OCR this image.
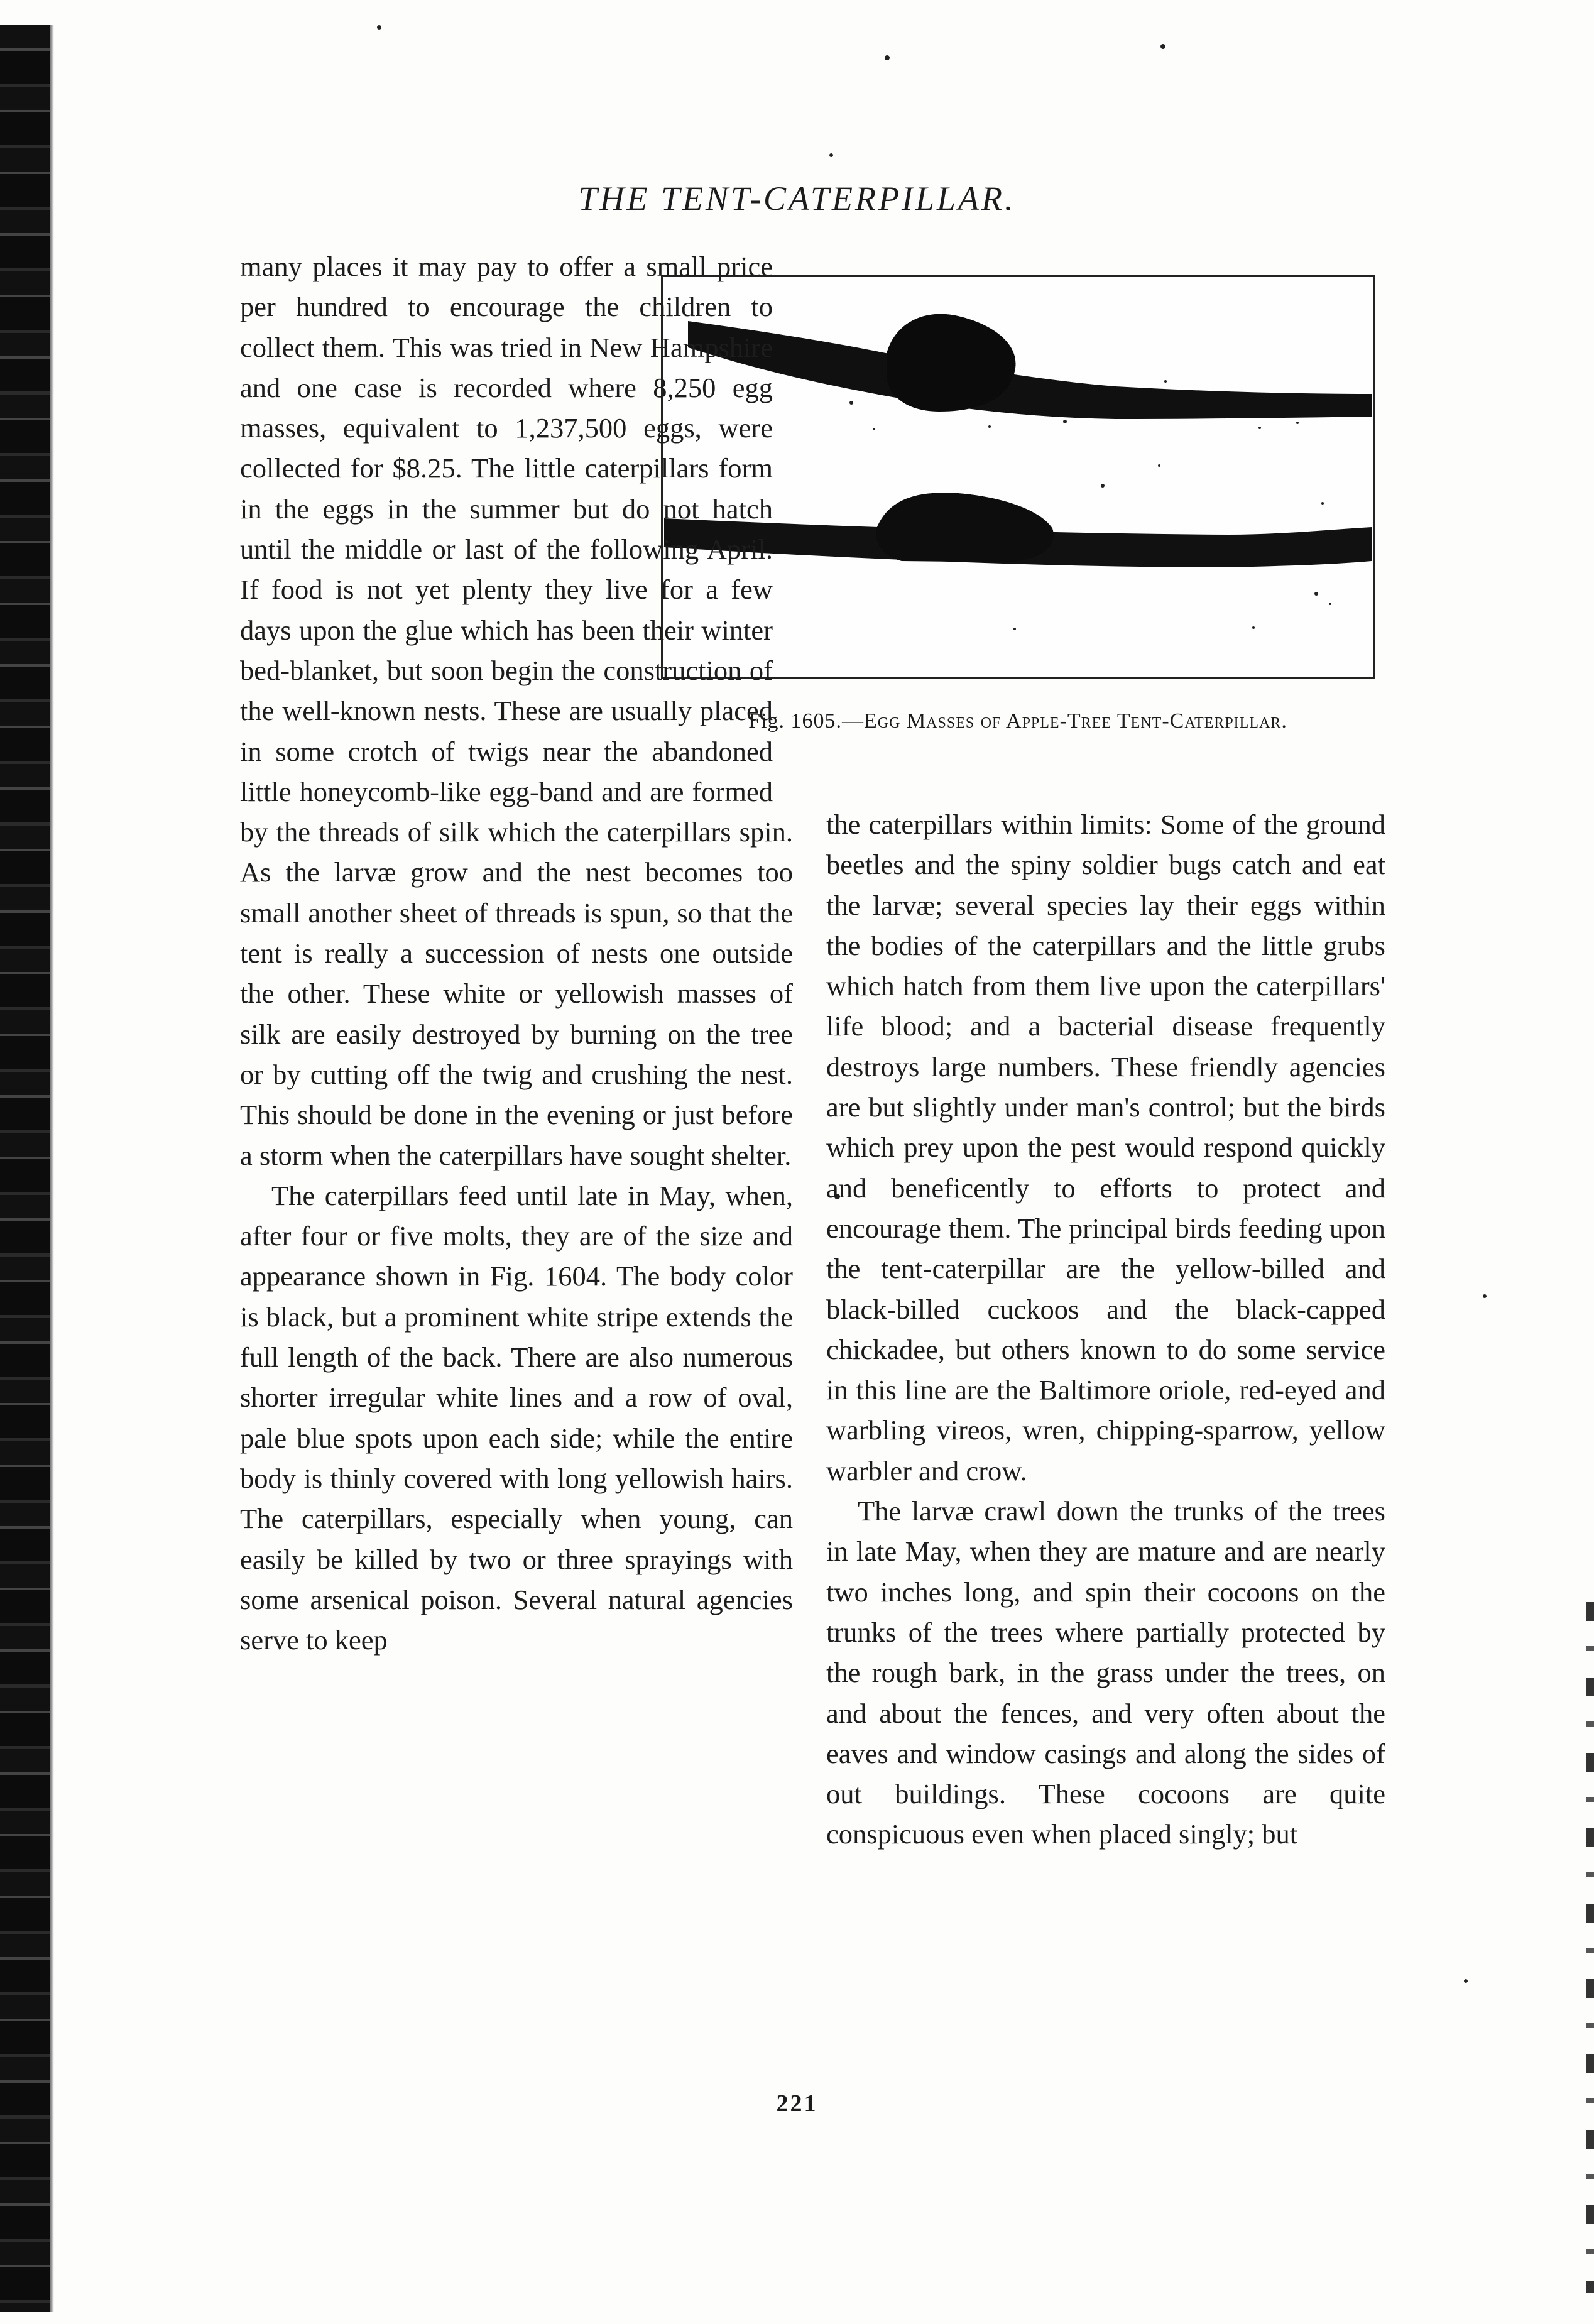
THE TENT-CATERPILLAR.

Fig. 1605.—Egg Masses of Apple-Tree Tent-Caterpillar.

many places it may pay to offer a small price per hundred to encourage the children to collect them. This was tried in New Hampshire and one case is recorded where 8,250 egg masses, equivalent to 1,237,500 eggs, were collected for $8.25. The little caterpillars form in the eggs in the summer but do not hatch until the middle or last of the following April. If food is not yet plenty they live for a few days upon the glue which has been their winter bed-blanket, but soon begin the construction of the well-known nests. These are usually placed in some crotch of twigs near the abandoned little honeycomb-like egg-band and are formed by the threads of silk which the caterpillars spin. As the larvæ grow and the nest becomes too small another sheet of threads is spun, so that the tent is really a succession of nests one outside the other. These white or yellowish masses of silk are easily destroyed by burning on the tree or by cutting off the twig and crushing the nest. This should be done in the evening or just before a storm when the caterpillars have sought shelter.

The caterpillars feed until late in May, when, after four or five molts, they are of the size and appearance shown in Fig. 1604. The body color is black, but a prominent white stripe extends the full length of the back. There are also numerous shorter irregular white lines and a row of oval, pale blue spots upon each side; while the entire body is thinly covered with long yellowish hairs. The caterpillars, especially when young, can easily be killed by two or three sprayings with some arsenical poison. Several natural agencies serve to keep

the caterpillars within limits: Some of the ground beetles and the spiny soldier bugs catch and eat the larvæ; several species lay their eggs within the bodies of the caterpillars and the little grubs which hatch from them live upon the caterpillars' life blood; and a bacterial disease frequently destroys large numbers. These friendly agencies are but slightly under man's control; but the birds which prey upon the pest would respond quickly and beneficently to efforts to protect and encourage them. The principal birds feeding upon the tent-caterpillar are the yellow-billed and black-billed cuckoos and the black-capped chickadee, but others known to do some service in this line are the Baltimore oriole, red-eyed and warbling vireos, wren, chipping-sparrow, yellow warbler and crow.

The larvæ crawl down the trunks of the trees in late May, when they are mature and are nearly two inches long, and spin their cocoons on the trunks of the trees where partially protected by the rough bark, in the grass under the trees, on and about the fences, and very often about the eaves and window casings and along the sides of out buildings. These cocoons are quite conspicuous even when placed singly; but

221
